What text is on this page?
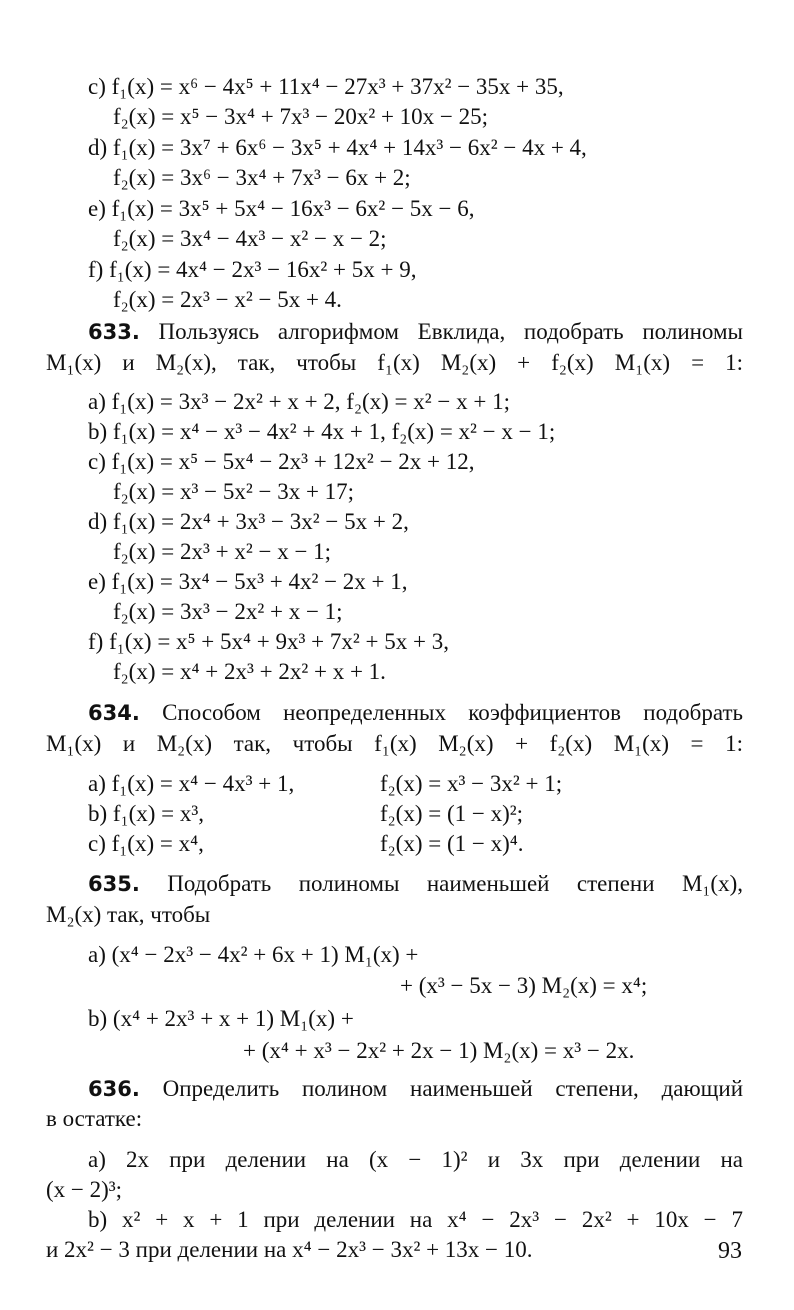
c) f₁(x) = x⁶ − 4x⁵ + 11x⁴ − 27x³ + 37x² − 35x + 35,
f₂(x) = x⁵ − 3x⁴ + 7x³ − 20x² + 10x − 25;
d) f₁(x) = 3x⁷ + 6x⁶ − 3x⁵ + 4x⁴ + 14x³ − 6x² − 4x + 4,
f₂(x) = 3x⁶ − 3x⁴ + 7x³ − 6x + 2;
e) f₁(x) = 3x⁵ + 5x⁴ − 16x³ − 6x² − 5x − 6,
f₂(x) = 3x⁴ − 4x³ − x² − x − 2;
f) f₁(x) = 4x⁴ − 2x³ − 16x² + 5x + 9,
f₂(x) = 2x³ − x² − 5x + 4.
633. Пользуясь алгорифмом Евклида, подобрать полиномы
M₁(x) и M₂(x), так, чтобы f₁(x) M₂(x) + f₂(x) M₁(x) = 1:
a) f₁(x) = 3x³ − 2x² + x + 2, f₂(x) = x² − x + 1;
b) f₁(x) = x⁴ − x³ − 4x² + 4x + 1, f₂(x) = x² − x − 1;
c) f₁(x) = x⁵ − 5x⁴ − 2x³ + 12x² − 2x + 12,
f₂(x) = x³ − 5x² − 3x + 17;
d) f₁(x) = 2x⁴ + 3x³ − 3x² − 5x + 2,
f₂(x) = 2x³ + x² − x − 1;
e) f₁(x) = 3x⁴ − 5x³ + 4x² − 2x + 1,
f₂(x) = 3x³ − 2x² + x − 1;
f) f₁(x) = x⁵ + 5x⁴ + 9x³ + 7x² + 5x + 3,
f₂(x) = x⁴ + 2x³ + 2x² + x + 1.
634. Способом неопределенных коэффициентов подобрать
M₁(x) и M₂(x) так, чтобы f₁(x) M₂(x) + f₂(x) M₁(x) = 1:
a) f₁(x) = x⁴ − 4x³ + 1,	f₂(x) = x³ − 3x² + 1;
b) f₁(x) = x³,	f₂(x) = (1 − x)²;
c) f₁(x) = x⁴,	f₂(x) = (1 − x)⁴.
635. Подобрать полиномы наименьшей степени M₁(x),
M₂(x) так, чтобы
a) (x⁴ − 2x³ − 4x² + 6x + 1) M₁(x) +
+ (x³ − 5x − 3) M₂(x) = x⁴;
b) (x⁴ + 2x³ + x + 1) M₁(x) +
+ (x⁴ + x³ − 2x² + 2x − 1) M₂(x) = x³ − 2x.
636. Определить полином наименьшей степени, дающий
в остатке:
a) 2x при делении на (x − 1)² и 3x при делении на
(x − 2)³;
b) x² + x + 1 при делении на x⁴ − 2x³ − 2x² + 10x − 7
и 2x² − 3 при делении на x⁴ − 2x³ − 3x² + 13x − 10.	93
